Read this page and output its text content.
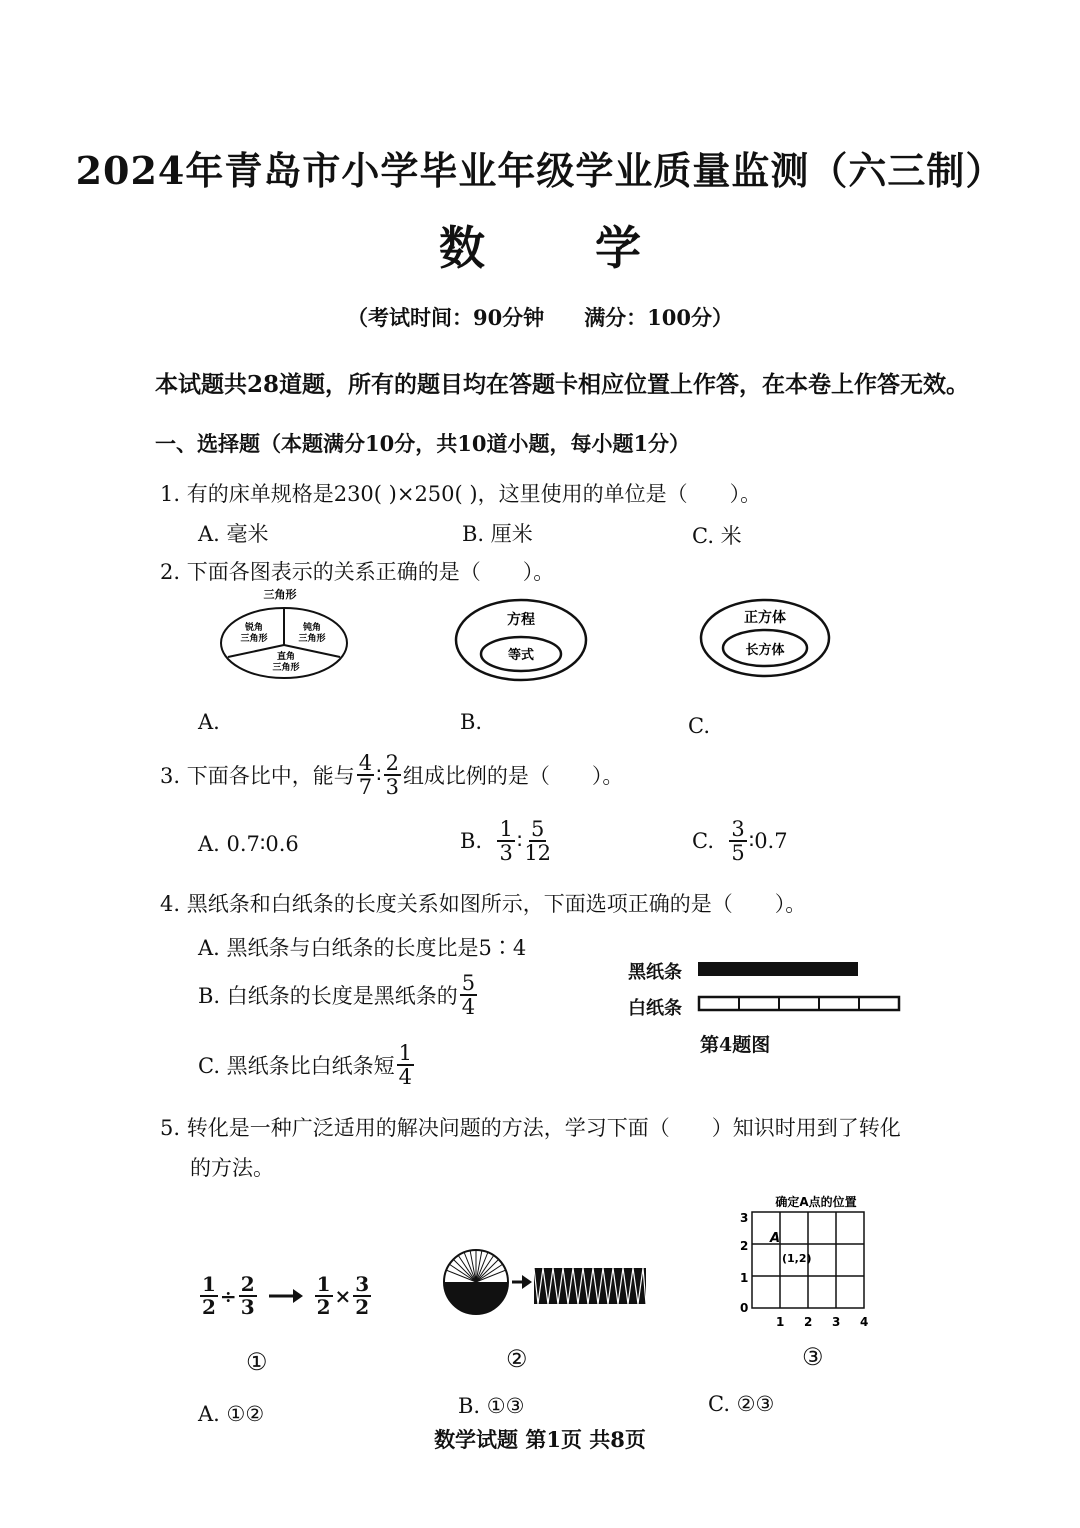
2024年青岛市小学毕业年级学业质量监测（六三制）
数 学
（考试时间：90分钟 满分：100分）
本试题共28道题，所有的题目均在答题卡相应位置上作答，在本卷上作答无效。
一、选择题（本题满分10分，共10道小题，每小题1分）
1. 有的床单规格是230( )×250( )，这里使用的单位是（　　）。
A. 毫米	B. 厘米	C. 米
2. 下面各图表示的关系正确的是（　　）。
三角形
锐角
三角形
钝角
三角形
直角
三角形
方程
等式
正方体
长方体
A.	B.	C.
3. 下面各比中，能与 $\frac{4}{7}$ ∶ $\frac{2}{3}$ 组成比例的是（　　）。
A. 0.7∶0.6	B.
$\frac{1}{3}$ ∶ $\frac{5}{12}$	C.
$\frac{3}{5}$ ∶0.7
4. 黑纸条和白纸条的长度关系如图所示，下面选项正确的是（　　）。
A. 黑纸条与白纸条的长度比是5∶4
B. 白纸条的长度是黑纸条的 $\frac{5}{4}$
C. 黑纸条比白纸条短 $\frac{1}{4}$
黑纸条
白纸条
第4题图
5. 转化是一种广泛适用的解决问题的方法，学习下面（　　）知识时用到了转化
的方法。
$\frac{1}{2} \div \frac{2}{3}$	$\frac{1}{2} \times \frac{3}{2}$
①	②
确定A点的位置
A
(1,2)
3
2
1
0
1 2 3 4
③
A. ①②	B. ①③	C. ②③
数学试题 第1页 共8页
